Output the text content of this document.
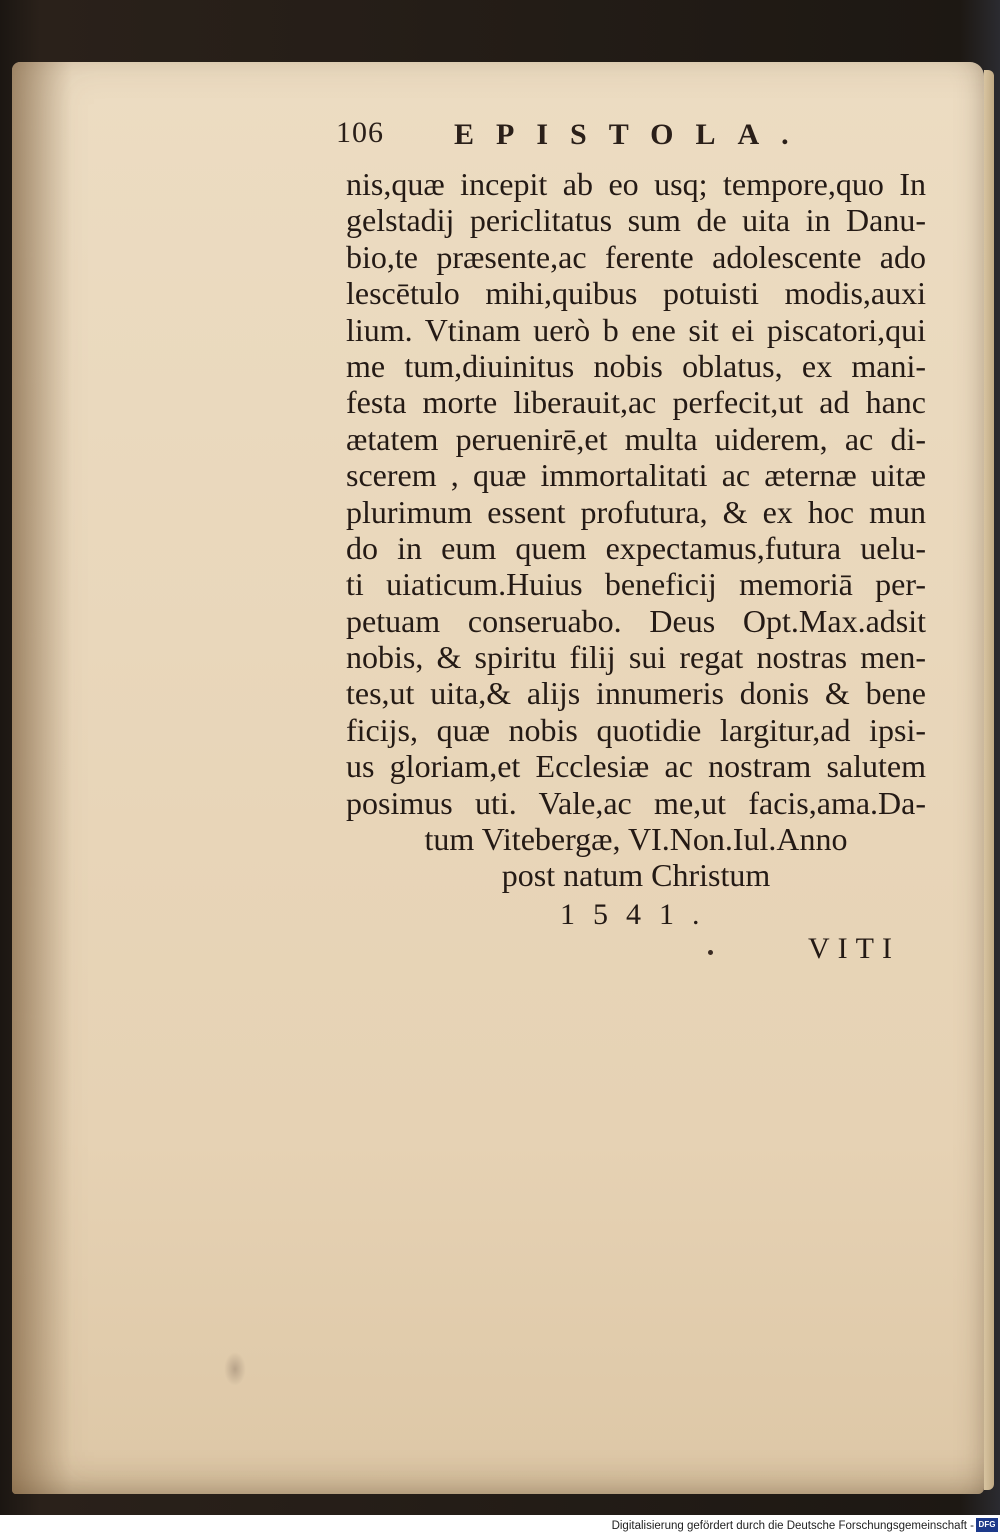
106 EPISTOLA.
nis,quæ incepit ab eo usq; tempore,quo In
gelstadij periclitatus sum de uita in Danu-
bio,te præsente,ac ferente adolescente ado
lescētulo mihi,quibus potuisti modis,auxi
lium. Vtinam uerò b ene sit ei piscatori,qui
me tum,diuinitus nobis oblatus, ex mani-
festa morte liberauit,ac perfecit,ut ad hanc
ætatem peruenirē,et multa uiderem, ac di-
scerem , quæ immortalitati ac æternæ uitæ
plurimum essent profutura, & ex hoc mun
do in eum quem expectamus,futura uelu-
ti uiaticum.Huius beneficij memoriā per-
petuam conseruabo. Deus Opt.Max.adsit
nobis, & spiritu filij sui regat nostras men-
tes,ut uita,& alijs innumeris donis & bene
ficijs, quæ nobis quotidie largitur,ad ipsi-
us gloriam,et Ecclesiæ ac nostram salutem
posimus uti. Vale,ac me,ut facis,ama.Da-
tum Vitebergæ, VI.Non.Iul.Anno
post natum Christum
1541.
VITI
Digitalisierung gefördert durch die Deutsche Forschungsgemeinschaft - DFG
